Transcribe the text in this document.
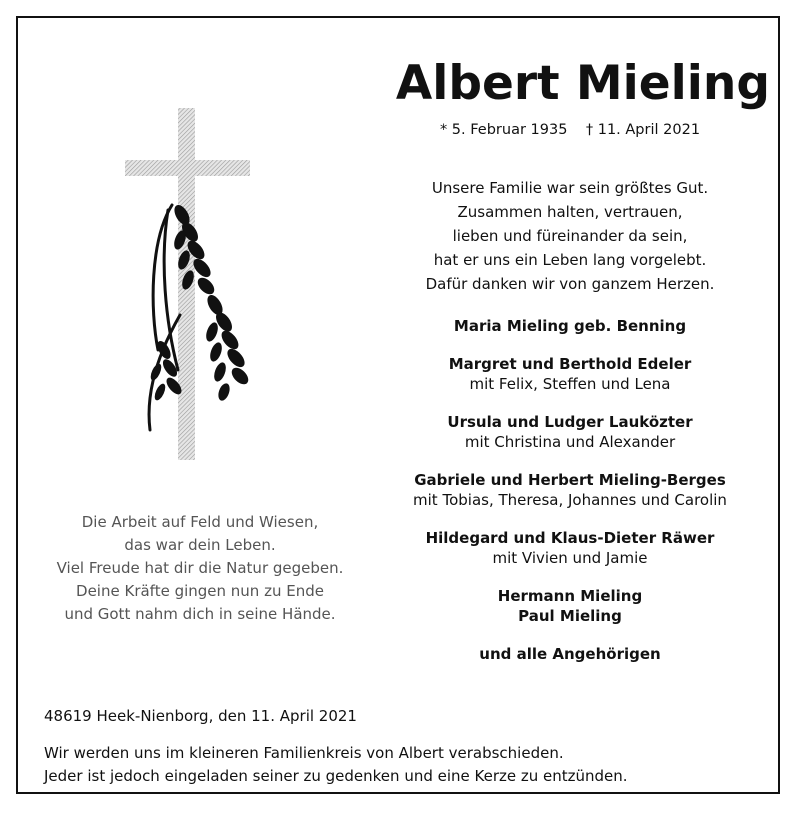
Albert Mieling
* 5. Februar 1935 † 11. April 2021
Unsere Familie war sein größtes Gut.
Zusammen halten, vertrauen,
lieben und füreinander da sein,
hat er uns ein Leben lang vorgelebt.
Dafür danken wir von ganzem Herzen.
Maria Mieling geb. Benning
Margret und Berthold Edeler
mit Felix, Steffen und Lena
Ursula und Ludger Lauközter
mit Christina und Alexander
Gabriele und Herbert Mieling-Berges
mit Tobias, Theresa, Johannes und Carolin
Hildegard und Klaus-Dieter Räwer
mit Vivien und Jamie
Hermann Mieling
Paul Mieling
und alle Angehörigen
Die Arbeit auf Feld und Wiesen,
das war dein Leben.
Viel Freude hat dir die Natur gegeben.
Deine Kräfte gingen nun zu Ende
und Gott nahm dich in seine Hände.
48619 Heek-Nienborg, den 11. April 2021
Wir werden uns im kleineren Familienkreis von Albert verabschieden.
Jeder ist jedoch eingeladen seiner zu gedenken und eine Kerze zu entzünden.
